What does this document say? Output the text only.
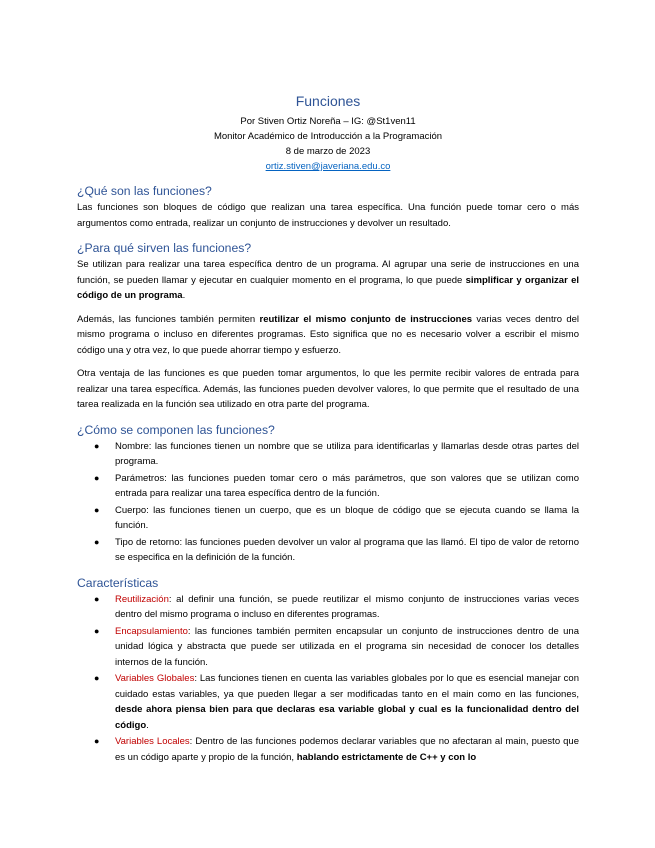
Funciones
Por Stiven Ortiz Noreña – IG: @St1ven11
Monitor Académico de Introducción a la Programación
8 de marzo de 2023
ortiz.stiven@javeriana.edu.co
¿Qué son las funciones?

Las funciones son bloques de código que realizan una tarea específica. Una función puede tomar cero o más argumentos como entrada, realizar un conjunto de instrucciones y devolver un resultado.

¿Para qué sirven las funciones?

Se utilizan para realizar una tarea específica dentro de un programa. Al agrupar una serie de instrucciones en una función, se pueden llamar y ejecutar en cualquier momento en el programa, lo que puede simplificar y organizar el código de un programa.

Además, las funciones también permiten reutilizar el mismo conjunto de instrucciones varias veces dentro del mismo programa o incluso en diferentes programas. Esto significa que no es necesario volver a escribir el mismo código una y otra vez, lo que puede ahorrar tiempo y esfuerzo.

Otra ventaja de las funciones es que pueden tomar argumentos, lo que les permite recibir valores de entrada para realizar una tarea específica. Además, las funciones pueden devolver valores, lo que permite que el resultado de una tarea realizada en la función sea utilizado en otra parte del programa.

¿Cómo se componen las funciones?
● Nombre: las funciones tienen un nombre que se utiliza para identificarlas y llamarlas desde otras partes del programa.
● Parámetros: las funciones pueden tomar cero o más parámetros, que son valores que se utilizan como entrada para realizar una tarea específica dentro de la función.
● Cuerpo: las funciones tienen un cuerpo, que es un bloque de código que se ejecuta cuando se llama la función.
● Tipo de retorno: las funciones pueden devolver un valor al programa que las llamó. El tipo de valor de retorno se especifica en la definición de la función.
Características
● Reutilización: al definir una función, se puede reutilizar el mismo conjunto de instrucciones varias veces dentro del mismo programa o incluso en diferentes programas.
● Encapsulamiento: las funciones también permiten encapsular un conjunto de instrucciones dentro de una unidad lógica y abstracta que puede ser utilizada en el programa sin necesidad de conocer los detalles internos de la función.
● Variables Globales: Las funciones tienen en cuenta las variables globales por lo que es esencial manejar con cuidado estas variables, ya que pueden llegar a ser modificadas tanto en el main como en las funciones, desde ahora piensa bien para que declaras esa variable global y cual es la funcionalidad dentro del código.
● Variables Locales: Dentro de las funciones podemos declarar variables que no afectaran al main, puesto que es un código aparte y propio de la función, hablando estrictamente de C++ y con lo
